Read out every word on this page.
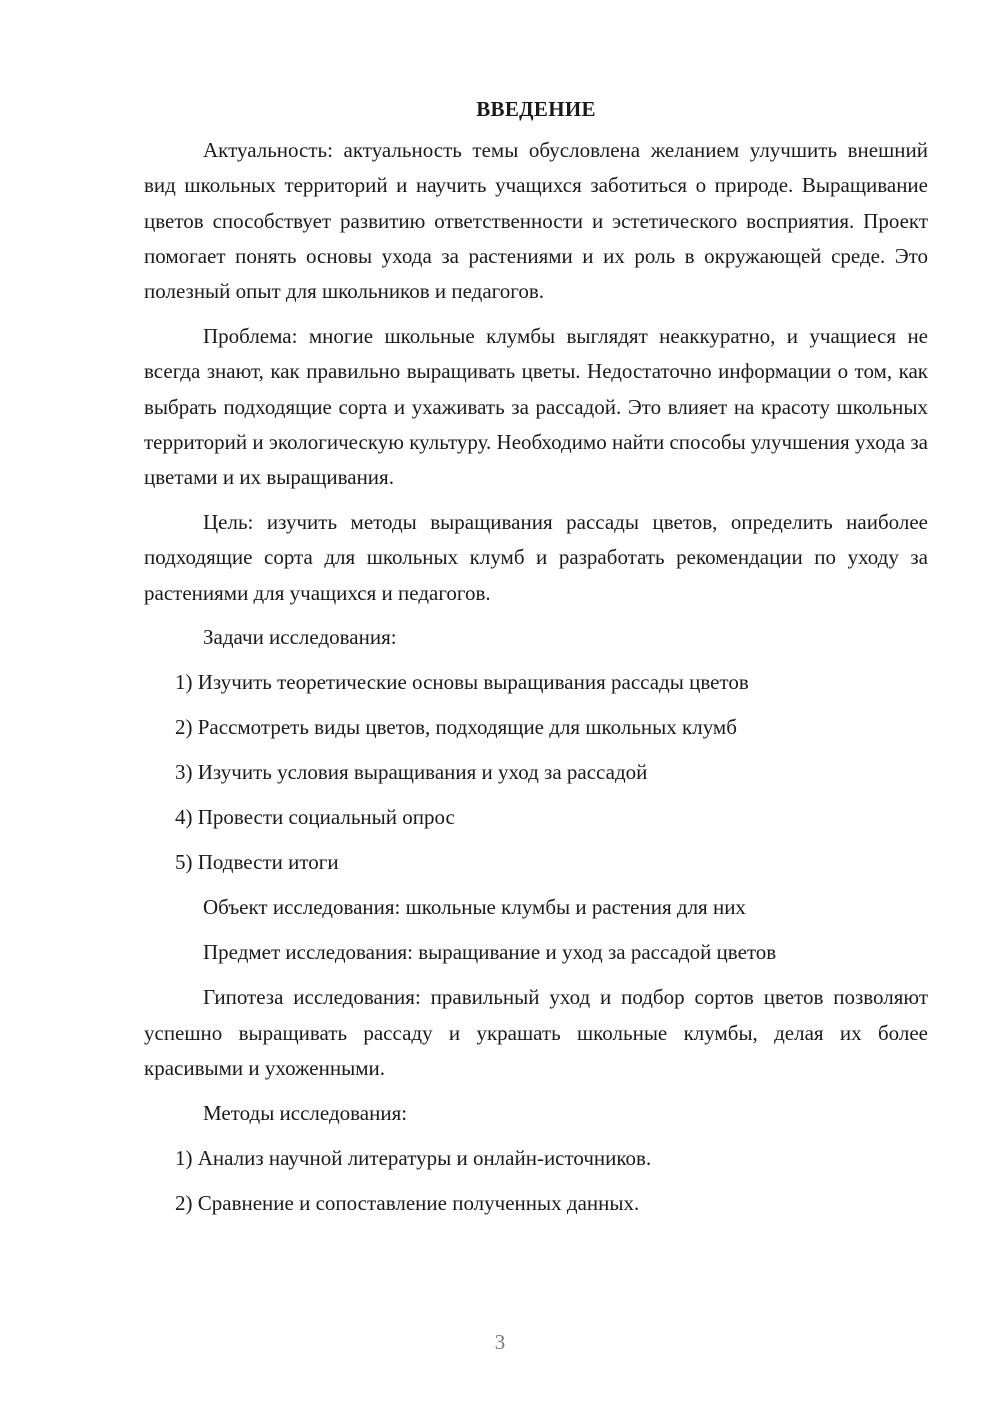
ВВЕДЕНИЕ
Актуальность: актуальность темы обусловлена желанием улучшить внешний вид школьных территорий и научить учащихся заботиться о природе. Выращивание цветов способствует развитию ответственности и эстетического восприятия. Проект помогает понять основы ухода за растениями и их роль в окружающей среде. Это полезный опыт для школьников и педагогов.
Проблема: многие школьные клумбы выглядят неаккуратно, и учащиеся не всегда знают, как правильно выращивать цветы. Недостаточно информации о том, как выбрать подходящие сорта и ухаживать за рассадой. Это влияет на красоту школьных территорий и экологическую культуру. Необходимо найти способы улучшения ухода за цветами и их выращивания.
Цель: изучить методы выращивания рассады цветов, определить наиболее подходящие сорта для школьных клумб и разработать рекомендации по уходу за растениями для учащихся и педагогов.
Задачи исследования:
1) Изучить теоретические основы выращивания рассады цветов
2) Рассмотреть виды цветов, подходящие для школьных клумб
3) Изучить условия выращивания и уход за рассадой
4) Провести социальный опрос
5) Подвести итоги
Объект исследования: школьные клумбы и растения для них
Предмет исследования: выращивание и уход за рассадой цветов
Гипотеза исследования: правильный уход и подбор сортов цветов позволяют успешно выращивать рассаду и украшать школьные клумбы, делая их более красивыми и ухоженными.
Методы исследования:
1) Анализ научной литературы и онлайн-источников.
2) Сравнение и сопоставление полученных данных.
3
